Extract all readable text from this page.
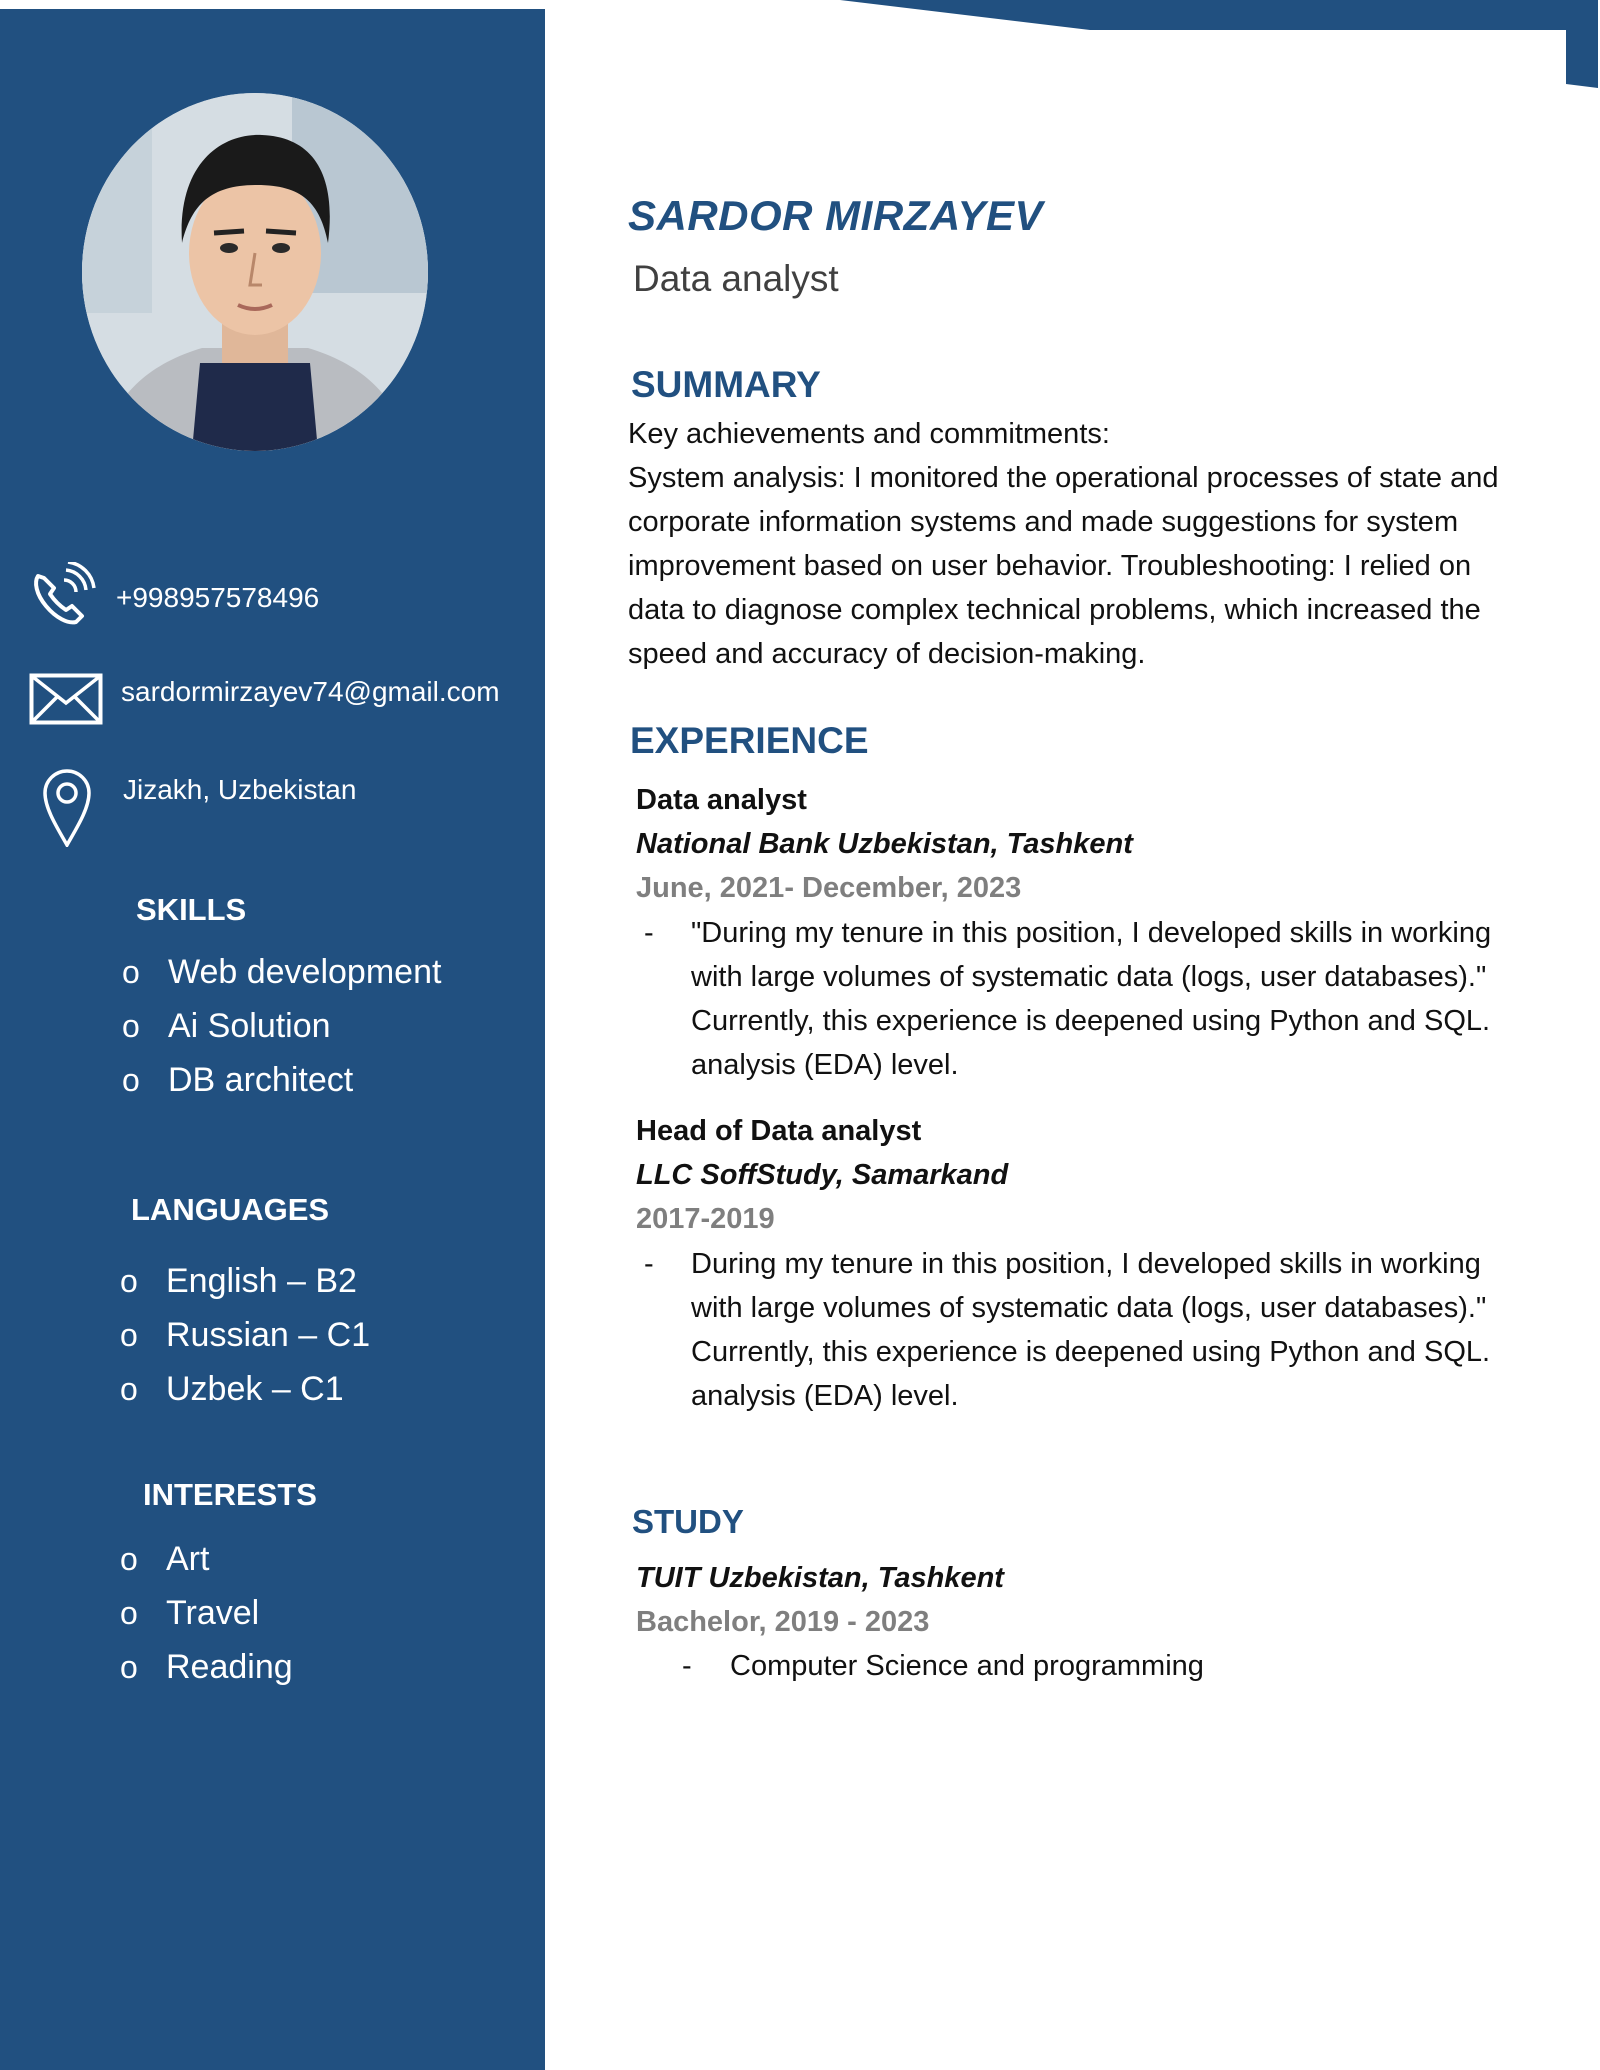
+998957578496
sardormirzayev74@gmail.com
Jizakh, Uzbekistan
SKILLS
o Web development
o Ai Solution
o DB architect
LANGUAGES
o English – B2
o Russian – C1
o Uzbek – C1
INTERESTS
o Art
o Travel
o Reading
SARDOR MIRZAYEV
Data analyst
SUMMARY
Key achievements and commitments:
System analysis: I monitored the operational processes of state and
corporate information systems and made suggestions for system
improvement based on user behavior. Troubleshooting: I relied on
data to diagnose complex technical problems, which increased the
speed and accuracy of decision-making.
EXPERIENCE
Data analyst
National Bank Uzbekistan, Tashkent
June, 2021- December, 2023
- "During my tenure in this position, I developed skills in working
with large volumes of systematic data (logs, user databases)."
Currently, this experience is deepened using Python and SQL.
analysis (EDA) level.
Head of Data analyst
LLC SoffStudy, Samarkand
2017-2019
- During my tenure in this position, I developed skills in working
with large volumes of systematic data (logs, user databases)."
Currently, this experience is deepened using Python and SQL.
analysis (EDA) level.
STUDY
TUIT Uzbekistan, Tashkent
Bachelor, 2019 - 2023
- Computer Science and programming
